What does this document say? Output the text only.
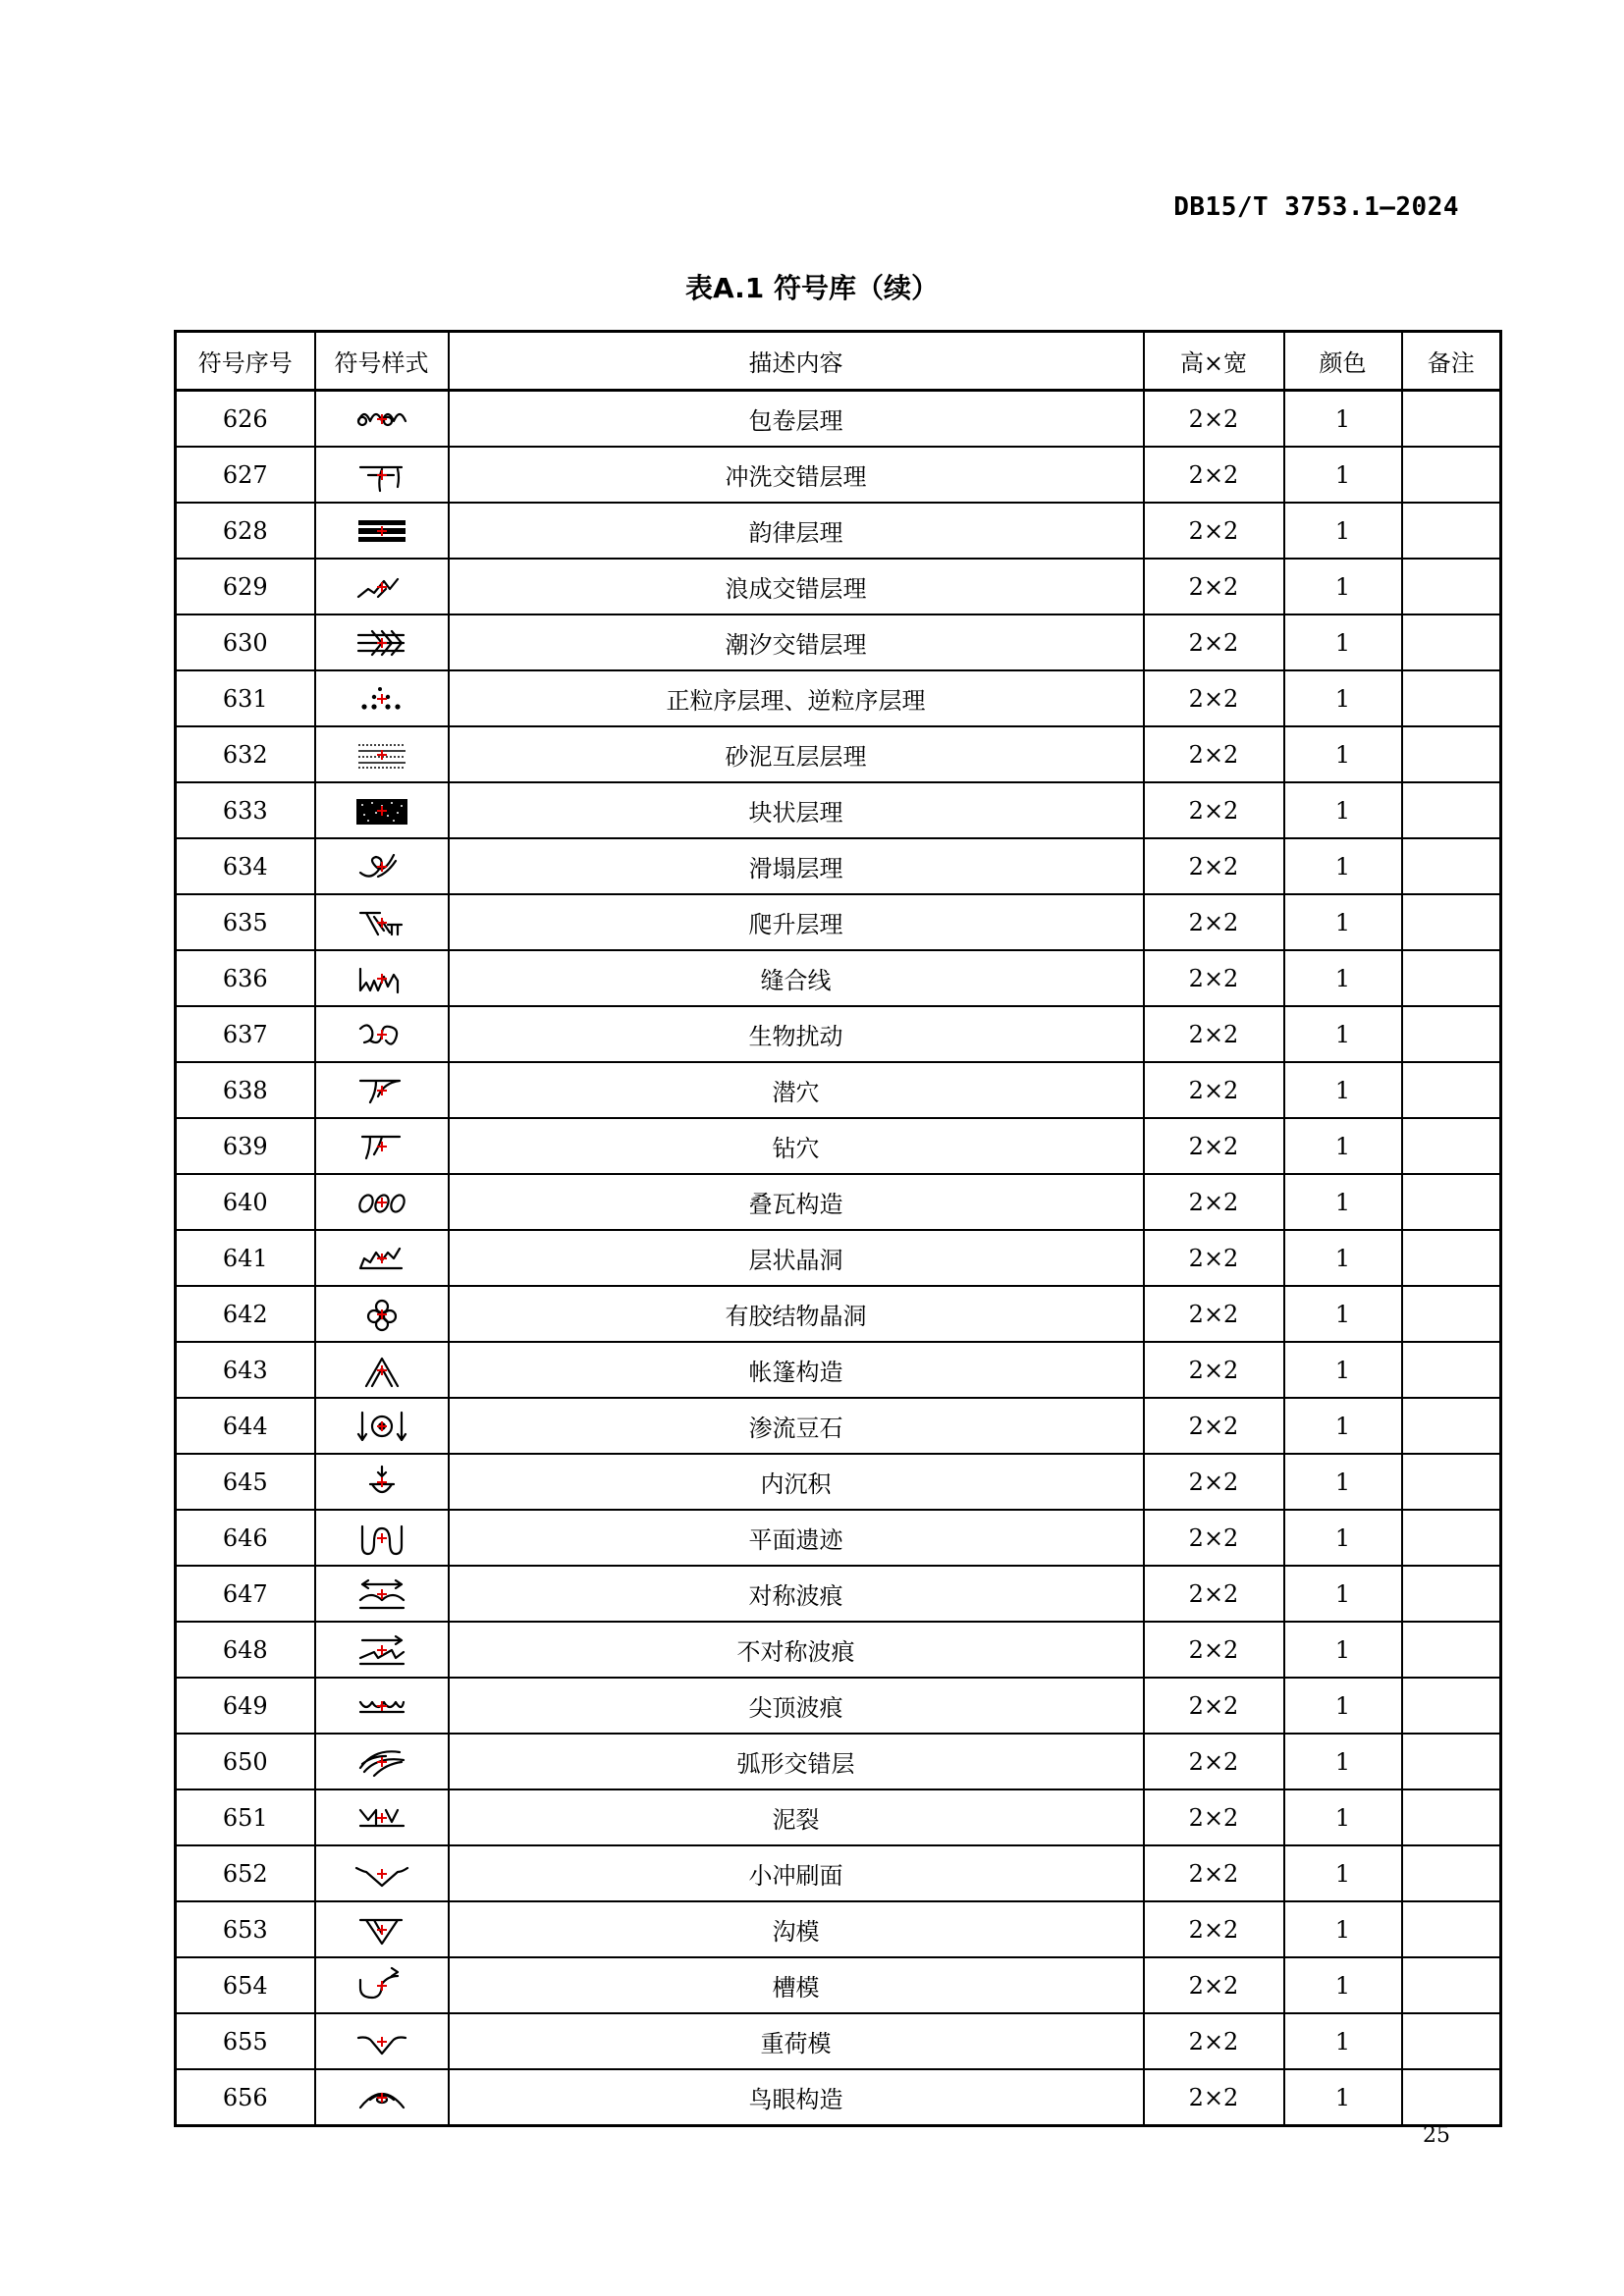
DB15/T 3753.1—2024
表A.1 符号库（续）
符号序号	符号样式	描述内容	高×宽	颜色	备注
626		包卷层理	2×2	1	
627		冲洗交错层理	2×2	1	
628		韵律层理	2×2	1	
629		浪成交错层理	2×2	1	
630		潮汐交错层理	2×2	1	
631		正粒序层理、逆粒序层理	2×2	1	
632		砂泥互层层理	2×2	1	
633		块状层理	2×2	1	
634		滑塌层理	2×2	1	
635		爬升层理	2×2	1	
636		缝合线	2×2	1	
637		生物扰动	2×2	1	
638		潜穴	2×2	1	
639		钻穴	2×2	1	
640		叠瓦构造	2×2	1	
641		层状晶洞	2×2	1	
642		有胶结物晶洞	2×2	1	
643		帐篷构造	2×2	1	
644		渗流豆石	2×2	1	
645		内沉积	2×2	1	
646		平面遗迹	2×2	1	
647		对称波痕	2×2	1	
648		不对称波痕	2×2	1	
649		尖顶波痕	2×2	1	
650		弧形交错层	2×2	1	
651		泥裂	2×2	1	
652		小冲刷面	2×2	1	
653		沟模	2×2	1	
654		槽模	2×2	1	
655		重荷模	2×2	1	
656		鸟眼构造	2×2	1	
25
